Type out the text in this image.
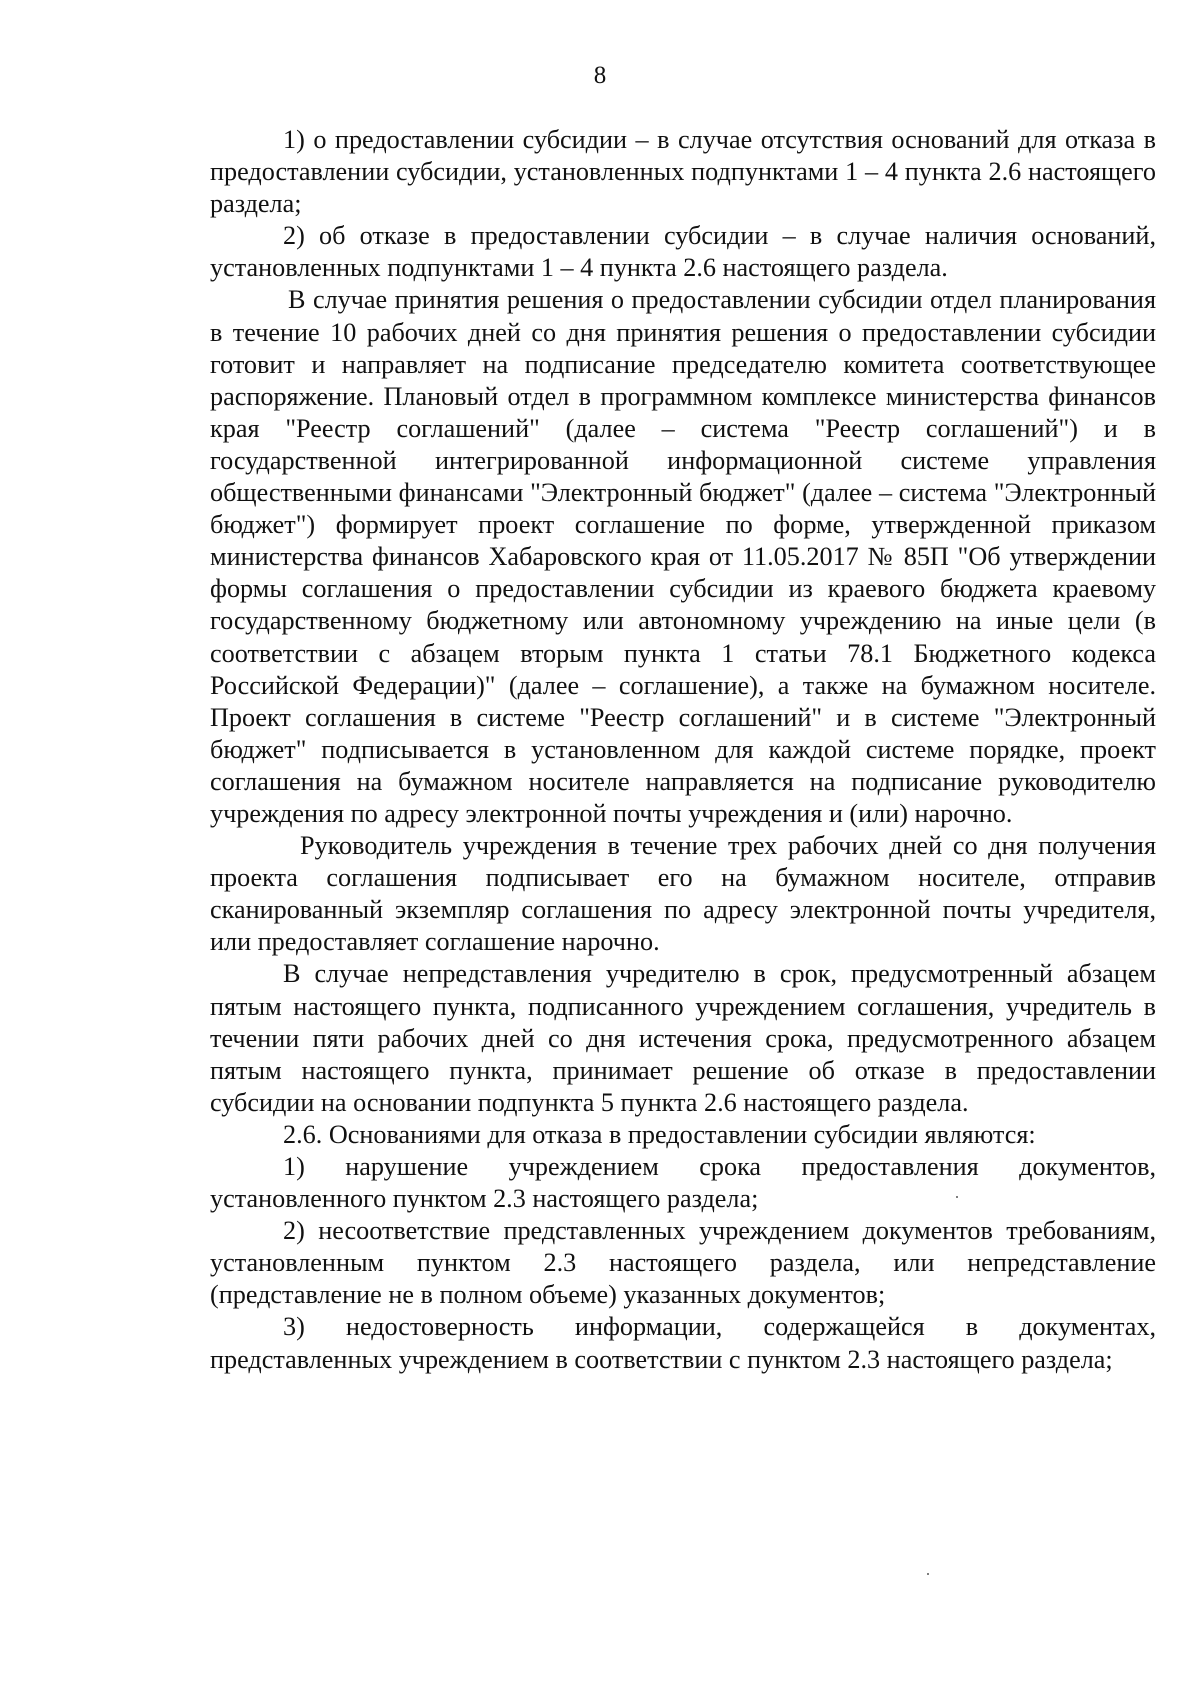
8

1) о предоставлении субсидии – в случае отсутствия оснований для отказа в предоставлении субсидии, установленных подпунктами 1 – 4 пункта 2.6 настоящего раздела;

2) об отказе в предоставлении субсидии – в случае наличия оснований, установленных подпунктами 1 – 4 пункта 2.6 настоящего раздела.

В случае принятия решения о предоставлении субсидии отдел планирования в течение 10 рабочих дней со дня принятия решения о предоставлении субсидии готовит и направляет на подписание председателю комитета соответствующее распоряжение. Плановый отдел в программном комплексе министерства финансов края "Реестр соглашений" (далее – система "Реестр соглашений") и в государственной интегрированной информационной системе управления общественными финансами "Электронный бюджет" (далее – система "Электронный бюджет") формирует проект соглашение по форме, утвержденной приказом министерства финансов Хабаровского края от 11.05.2017 № 85П "Об утверждении формы соглашения о предоставлении субсидии из краевого бюджета краевому государственному бюджетному или автономному учреждению на иные цели (в соответствии с абзацем вторым пункта 1 статьи 78.1 Бюджетного кодекса Российской Федерации)" (далее – соглашение), а также на бумажном носителе. Проект соглашения в системе "Реестр соглашений" и в системе "Электронный бюджет" подписывается в установленном для каждой системе порядке, проект соглашения на бумажном носителе направляется на подписание руководителю учреждения по адресу электронной почты учреждения и (или) нарочно.

Руководитель учреждения в течение трех рабочих дней со дня получения проекта соглашения подписывает его на бумажном носителе, отправив сканированный экземпляр соглашения по адресу электронной почты учредителя, или предоставляет соглашение нарочно.

В случае непредставления учредителю в срок, предусмотренный абзацем пятым настоящего пункта, подписанного учреждением соглашения, учредитель в течении пяти рабочих дней со дня истечения срока, предусмотренного абзацем пятым настоящего пункта, принимает решение об отказе в предоставлении субсидии на основании подпункта 5 пункта 2.6 настоящего раздела.

2.6. Основаниями для отказа в предоставлении субсидии являются:

1) нарушение учреждением срока предоставления документов, установленного пунктом 2.3 настоящего раздела;

2) несоответствие представленных учреждением документов требованиям, установленным пунктом 2.3 настоящего раздела, или непредставление (представление не в полном объеме) указанных документов;

3) недостоверность информации, содержащейся в документах, представленных учреждением в соответствии с пунктом 2.3 настоящего раздела;
